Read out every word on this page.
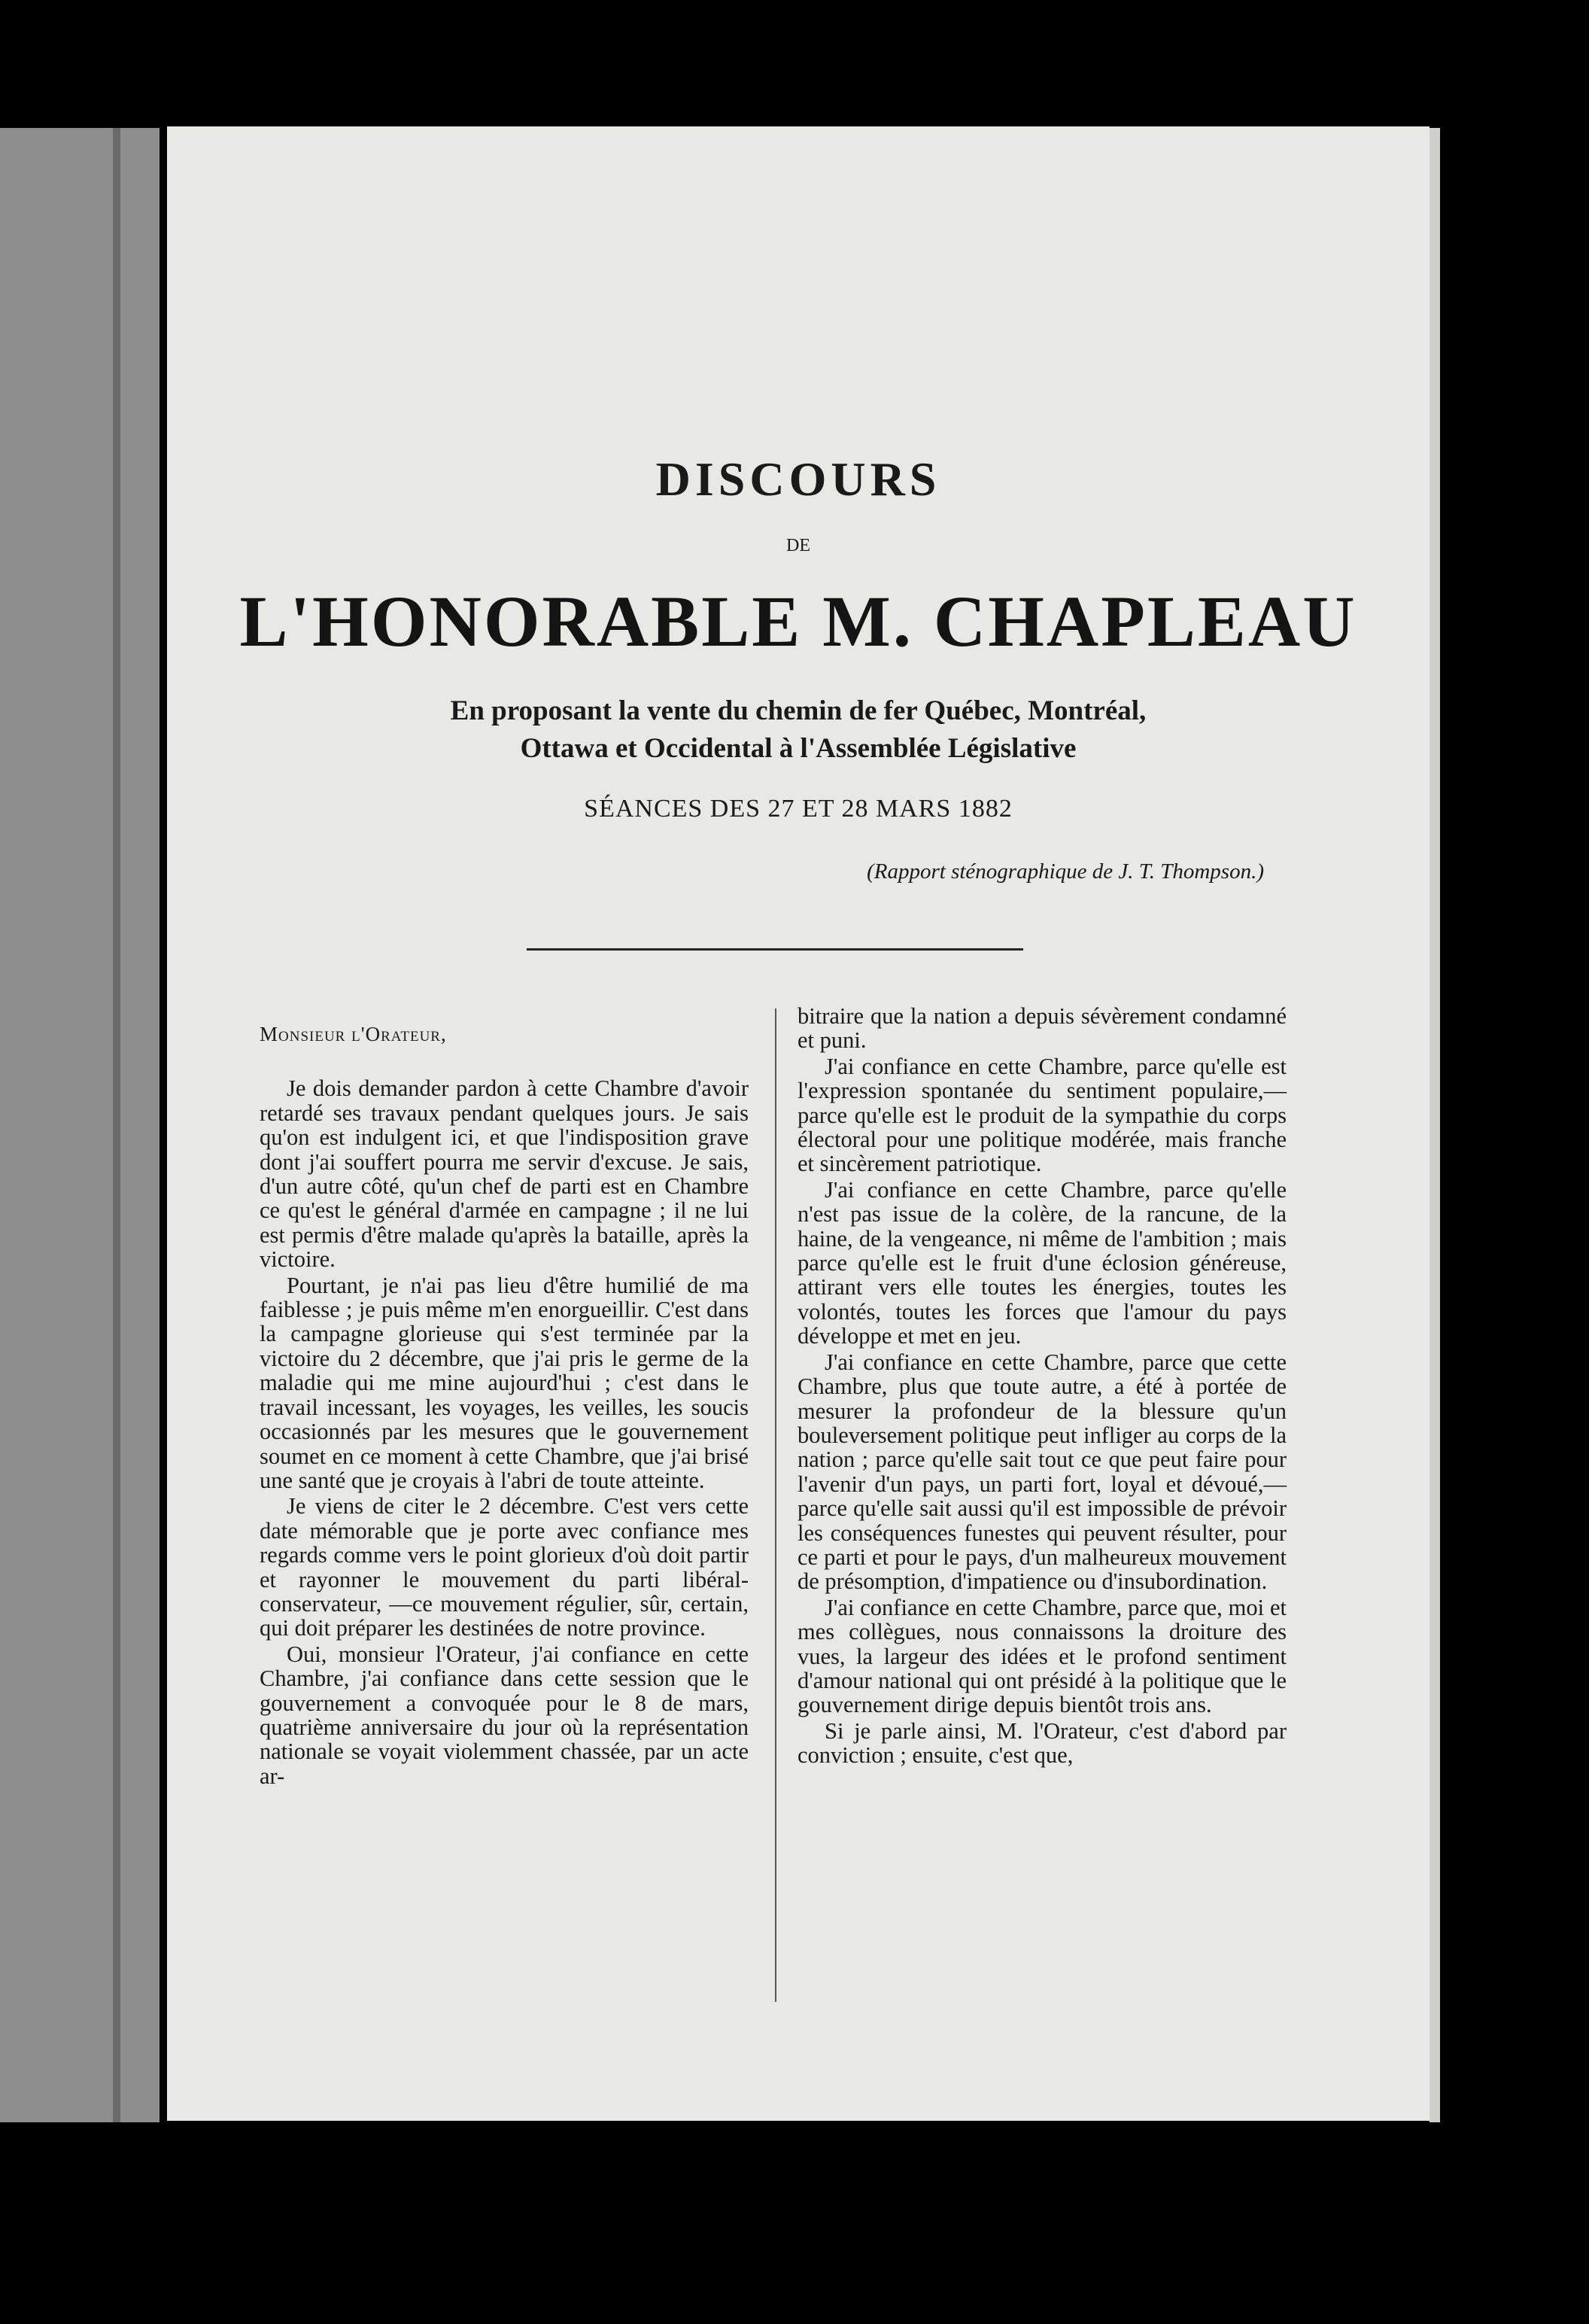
DISCOURS
DE
L'HONORABLE M. CHAPLEAU
En proposant la vente du chemin de fer Québec, Montréal,
Ottawa et Occidental à l'Assemblée Législative
SÉANCES DES 27 ET 28 MARS 1882
(Rapport sténographique de J. T. Thompson.)

Monsieur l'Orateur,

Je dois demander pardon à cette Chambre d'avoir retardé ses travaux pendant quelques jours. Je sais qu'on est indulgent ici, et que l'indisposition grave dont j'ai souffert pourra me servir d'excuse. Je sais, d'un autre côté, qu'un chef de parti est en Chambre ce qu'est le général d'armée en campagne ; il ne lui est permis d'être malade qu'après la bataille, après la victoire.

Pourtant, je n'ai pas lieu d'être humilié de ma faiblesse ; je puis même m'en enorgueillir. C'est dans la campagne glorieuse qui s'est terminée par la victoire du 2 décembre, que j'ai pris le germe de la maladie qui me mine aujourd'hui ; c'est dans le travail incessant, les voyages, les veilles, les soucis occasionnés par les mesures que le gouvernement soumet en ce moment à cette Chambre, que j'ai brisé une santé que je croyais à l'abri de toute atteinte.

Je viens de citer le 2 décembre. C'est vers cette date mémorable que je porte avec confiance mes regards comme vers le point glorieux d'où doit partir et rayonner le mouvement du parti libéral-conservateur, —ce mouvement régulier, sûr, certain, qui doit préparer les destinées de notre province.

Oui, monsieur l'Orateur, j'ai confiance en cette Chambre, j'ai confiance dans cette session que le gouvernement a convoquée pour le 8 de mars, quatrième anniversaire du jour où la représentation nationale se voyait violemment chassée, par un acte ar-

bitraire que la nation a depuis sévèrement condamné et puni.

J'ai confiance en cette Chambre, parce qu'elle est l'expression spontanée du sentiment populaire,—parce qu'elle est le produit de la sympathie du corps électoral pour une politique modérée, mais franche et sincèrement patriotique.

J'ai confiance en cette Chambre, parce qu'elle n'est pas issue de la colère, de la rancune, de la haine, de la vengeance, ni même de l'ambition ; mais parce qu'elle est le fruit d'une éclosion généreuse, attirant vers elle toutes les énergies, toutes les volontés, toutes les forces que l'amour du pays développe et met en jeu.

J'ai confiance en cette Chambre, parce que cette Chambre, plus que toute autre, a été à portée de mesurer la profondeur de la blessure qu'un bouleversement politique peut infliger au corps de la nation ; parce qu'elle sait tout ce que peut faire pour l'avenir d'un pays, un parti fort, loyal et dévoué,—parce qu'elle sait aussi qu'il est impossible de prévoir les conséquences funestes qui peuvent résulter, pour ce parti et pour le pays, d'un malheureux mouvement de présomption, d'impatience ou d'insubordination.

J'ai confiance en cette Chambre, parce que, moi et mes collègues, nous connaissons la droiture des vues, la largeur des idées et le profond sentiment d'amour national qui ont présidé à la politique que le gouvernement dirige depuis bientôt trois ans.

Si je parle ainsi, M. l'Orateur, c'est d'abord par conviction ; ensuite, c'est que,
